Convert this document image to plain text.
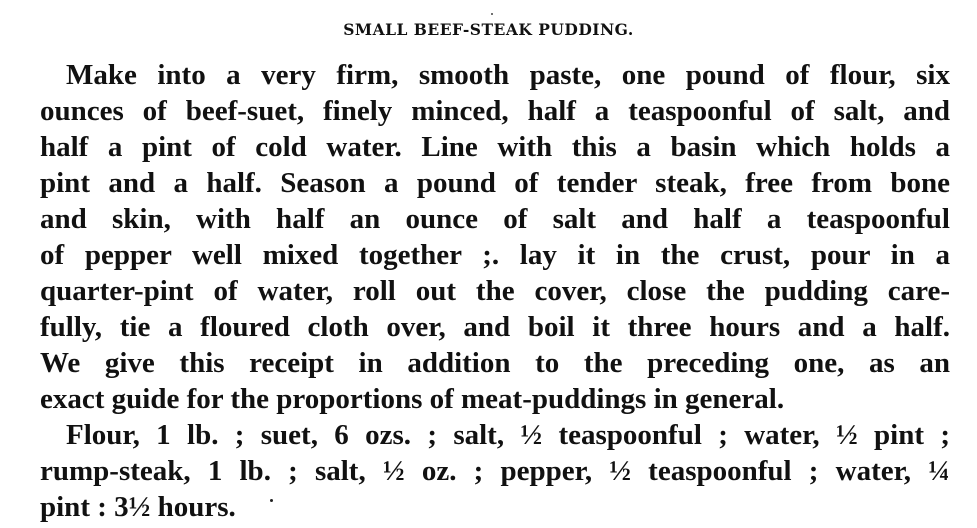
SMALL BEEF-STEAK PUDDING.
Make into a very firm, smooth paste, one pound of flour, six
ounces of beef-suet, finely minced, half a teaspoonful of salt, and
half a pint of cold water. Line with this a basin which holds a
pint and a half. Season a pound of tender steak, free from bone
and skin, with half an ounce of salt and half a teaspoonful
of pepper well mixed together ;. lay it in the crust, pour in a
quarter-pint of water, roll out the cover, close the pudding care-
fully, tie a floured cloth over, and boil it three hours and a half.
We give this receipt in addition to the preceding one, as an
exact guide for the proportions of meat-puddings in general.
Flour, 1 lb. ; suet, 6 ozs. ; salt, ½ teaspoonful ; water, ½ pint ;
rump-steak, 1 lb. ; salt, ½ oz. ; pepper, ½ teaspoonful ; water, ¼
pint : 3½ hours.
